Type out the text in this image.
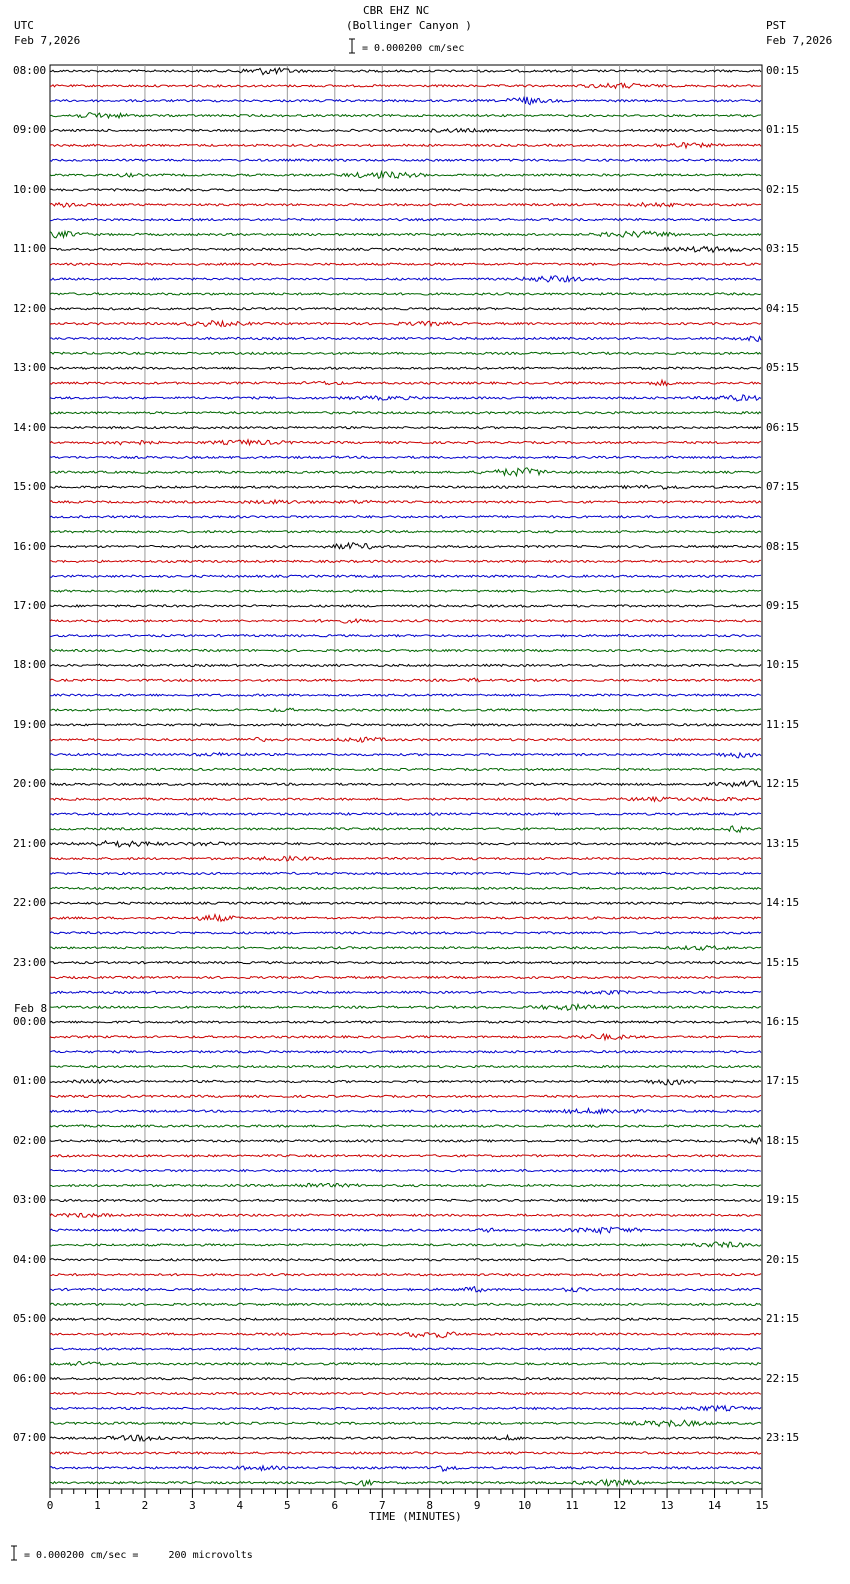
0	1	2	3	4	5	6	7	8	9	10	11	12	13	14	15
CBR EHZ NC
(Bollinger Canyon )
UTC
Feb 7,2026
PST
Feb 7,2026
= 0.000200 cm/sec
TIME (MINUTES)
= 0.000200 cm/sec =     200 microvolts
Feb 8
08:00
09:00
10:00
11:00
12:00
13:00
14:00
15:00
16:00
17:00
18:00
19:00
20:00
21:00
22:00
23:00
00:00
01:00
02:00
03:00
04:00
05:00
06:00
07:00
00:15
01:15
02:15
03:15
04:15
05:15
06:15
07:15
08:15
09:15
10:15
11:15
12:15
13:15
14:15
15:15
16:15
17:15
18:15
19:15
20:15
21:15
22:15
23:15
